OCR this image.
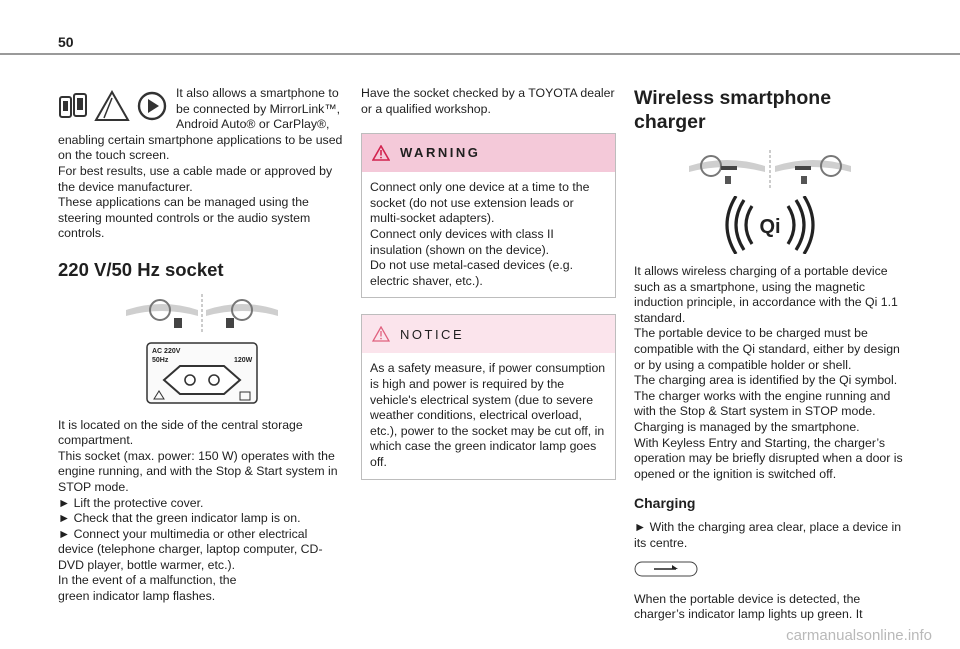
50

It also allows a smartphone to be connected by MirrorLink™, Android Auto® or CarPlay®, enabling certain smartphone applications to be used on the touch screen.
For best results, use a cable made or approved by the device manufacturer.
These applications can be managed using the steering mounted controls or the audio system controls.

220 V/50 Hz socket
AC 220V
50Hz	120W

It is located on the side of the central storage compartment.
This socket (max. power: 150 W) operates with the engine running, and with the Stop & Start system in STOP mode.
► Lift the protective cover.
► Check that the green indicator lamp is on.
► Connect your multimedia or other electrical device (telephone charger, laptop computer, CD-DVD player, bottle warmer, etc.).
In the event of a malfunction, the
green indicator lamp flashes.

Have the socket checked by a TOYOTA dealer or a qualified workshop.

WARNING
Connect only one device at a time to the socket (do not use extension leads or multi-socket adapters).
Connect only devices with class II insulation (shown on the device).
Do not use metal-cased devices (e.g. electric shaver, etc.).
NOTICE
As a safety measure, if power consumption is high and power is required by the vehicle's electrical system (due to severe weather conditions, electrical overload, etc.), power to the socket may be cut off, in which case the green indicator lamp goes off.
Wireless smartphone
charger
Qi

It allows wireless charging of a portable device such as a smartphone, using the magnetic induction principle, in accordance with the Qi 1.1 standard.
The portable device to be charged must be compatible with the Qi standard, either by design or by using a compatible holder or shell.
The charging area is identified by the Qi symbol.
The charger works with the engine running and with the Stop & Start system in STOP mode.
Charging is managed by the smartphone.
With Keyless Entry and Starting, the charger’s operation may be briefly disrupted when a door is opened or the ignition is switched off.

Charging

► With the charging area clear, place a device in its centre.

When the portable device is detected, the charger’s indicator lamp lights up green. It

carmanualsonline.info
